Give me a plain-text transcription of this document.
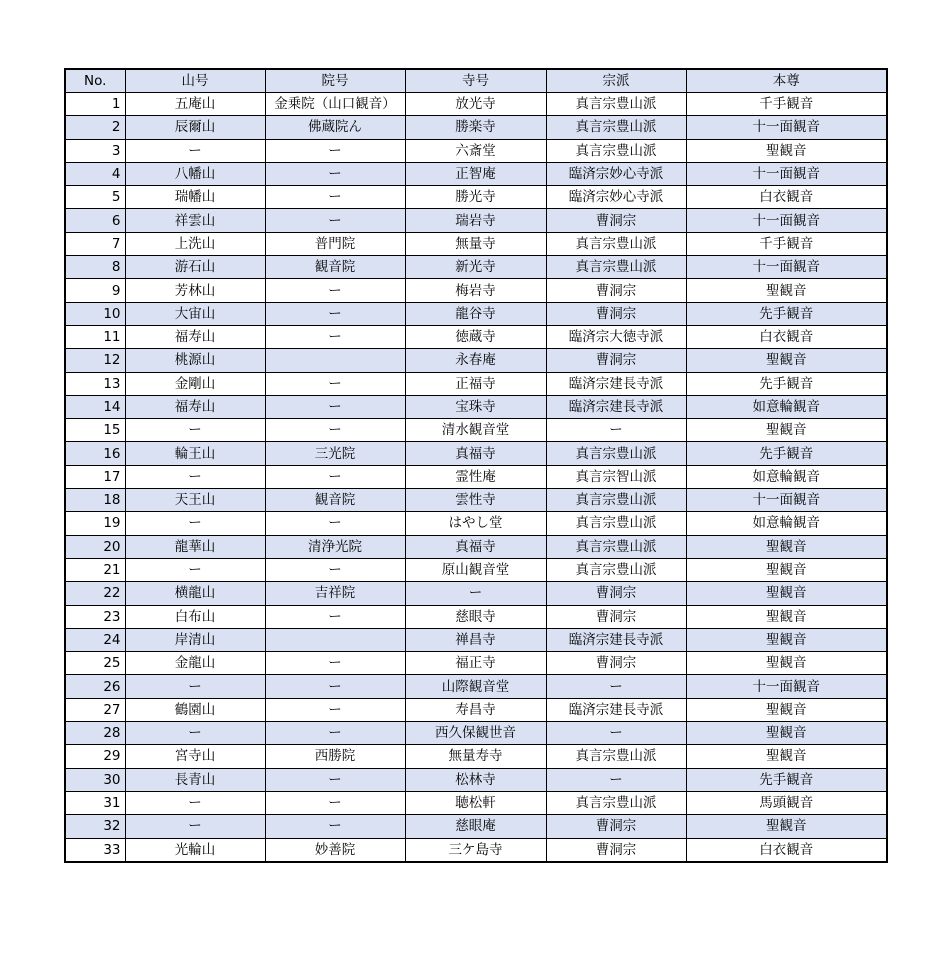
No.	山号	院号	寺号	宗派	本尊
1	五庵山	金乗院（山口観音）	放光寺	真言宗豊山派	千手観音
2	辰爾山	佛蔵院ん	勝楽寺	真言宗豊山派	十一面観音
3	ー	ー	六斎堂	真言宗豊山派	聖観音
4	八幡山	ー	正智庵	臨済宗妙心寺派	十一面観音
5	瑞幡山	ー	勝光寺	臨済宗妙心寺派	白衣観音
6	祥雲山	ー	瑞岩寺	曹洞宗	十一面観音
7	上洗山	普門院	無量寺	真言宗豊山派	千手観音
8	游石山	観音院	新光寺	真言宗豊山派	十一面観音
9	芳林山	ー	梅岩寺	曹洞宗	聖観音
10	大宙山	ー	龍谷寺	曹洞宗	先手観音
11	福寿山	ー	徳蔵寺	臨済宗大徳寺派	白衣観音
12	桃源山		永春庵	曹洞宗	聖観音
13	金剛山	ー	正福寺	臨済宗建長寺派	先手観音
14	福寿山	ー	宝珠寺	臨済宗建長寺派	如意輪観音
15	ー	ー	清水観音堂	ー	聖観音
16	輪王山	三光院	真福寺	真言宗豊山派	先手観音
17	ー	ー	霊性庵	真言宗智山派	如意輪観音
18	天王山	観音院	雲性寺	真言宗豊山派	十一面観音
19	ー	ー	はやし堂	真言宗豊山派	如意輪観音
20	龍華山	清浄光院	真福寺	真言宗豊山派	聖観音
21	ー	ー	原山観音堂	真言宗豊山派	聖観音
22	横龍山	吉祥院	ー	曹洞宗	聖観音
23	白布山	ー	慈眼寺	曹洞宗	聖観音
24	岸清山		禅昌寺	臨済宗建長寺派	聖観音
25	金龍山	ー	福正寺	曹洞宗	聖観音
26	ー	ー	山際観音堂	ー	十一面観音
27	鶴園山	ー	寿昌寺	臨済宗建長寺派	聖観音
28	ー	ー	西久保観世音	ー	聖観音
29	宮寺山	西勝院	無量寿寺	真言宗豊山派	聖観音
30	長青山	ー	松林寺	ー	先手観音
31	ー	ー	聴松軒	真言宗豊山派	馬頭観音
32	ー	ー	慈眼庵	曹洞宗	聖観音
33	光輪山	妙善院	三ケ島寺	曹洞宗	白衣観音
